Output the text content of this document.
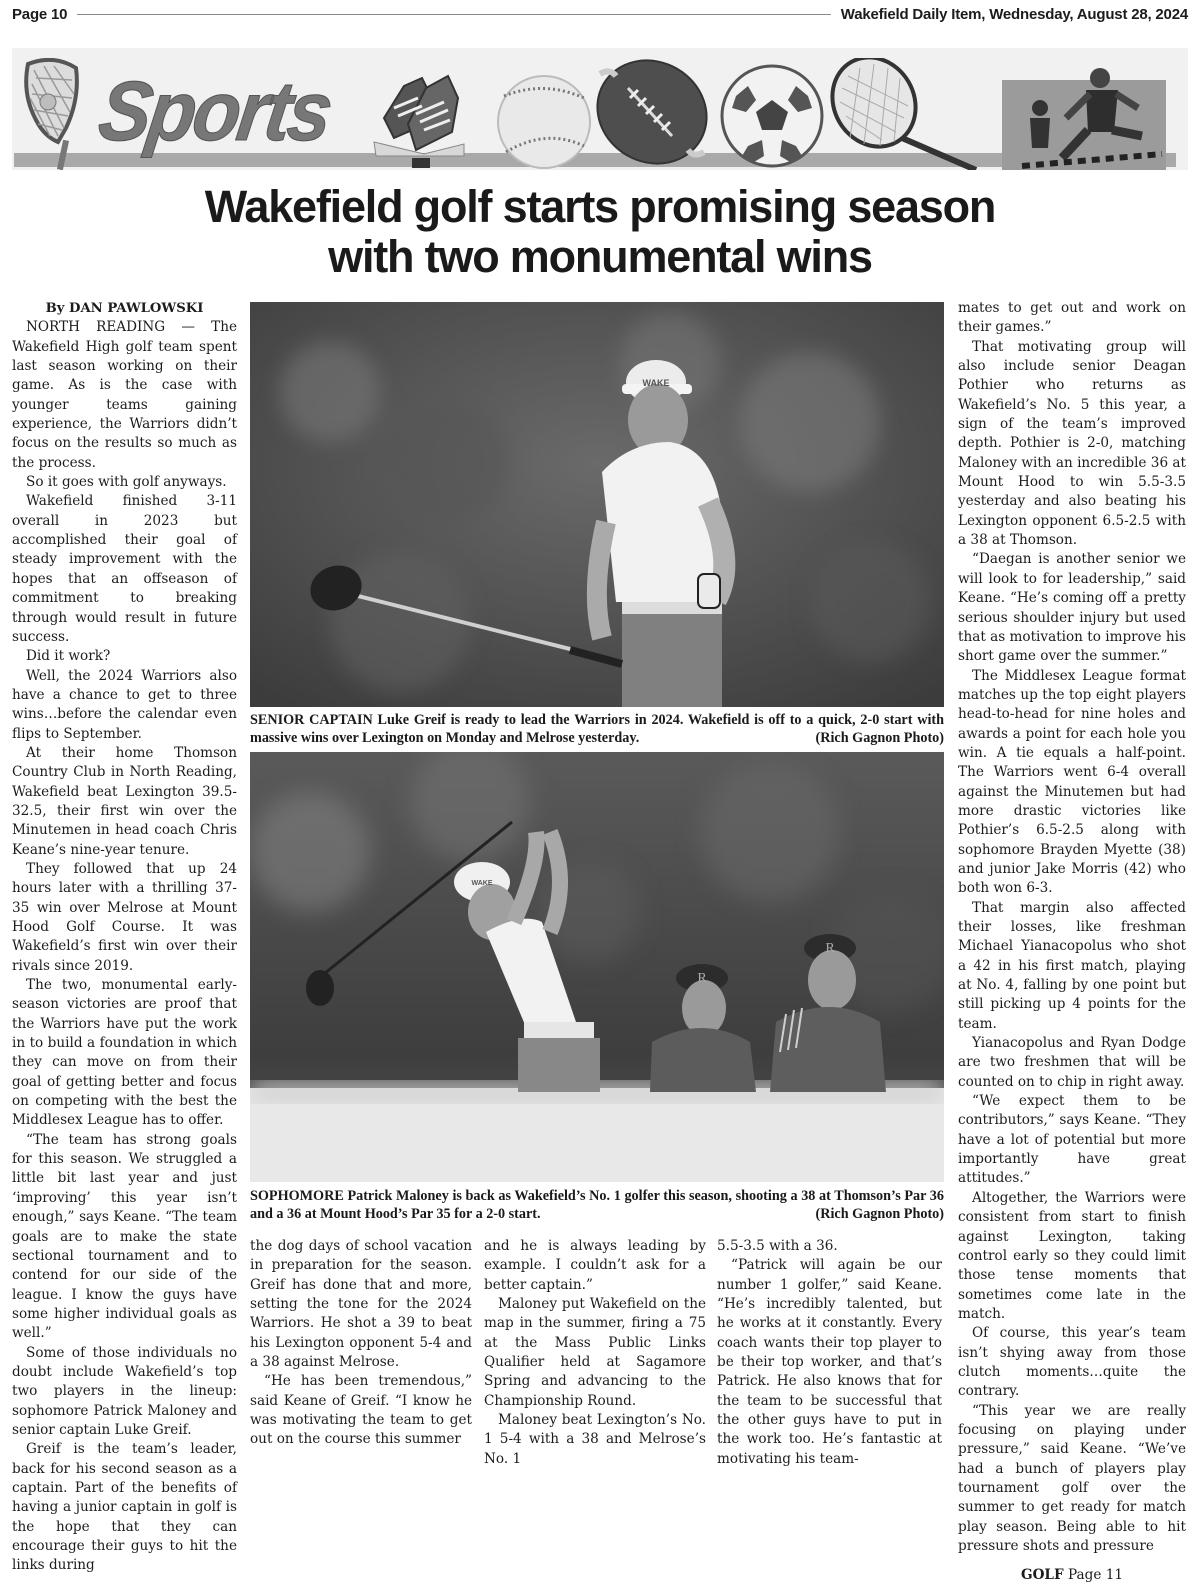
Page 10	Wakefield Daily Item, Wednesday, August 28, 2024
Sports
Wakefield golf starts promising season
with two monumental wins

By DAN PAWLOWSKI

NORTH READING — The Wakefield High golf team spent last season working on their game. As is the case with younger teams gaining experience, the Warriors didn’t focus on the results so much as the process.

So it goes with golf anyways.

Wakefield finished 3-11 overall in 2023 but accomplished their goal of steady improvement with the hopes that an offseason of commitment to breaking through would result in future success.

Did it work?

Well, the 2024 Warriors also have a chance to get to three wins…before the calendar even flips to September.

At their home Thomson Country Club in North Reading, Wakefield beat Lexington 39.5-32.5, their first win over the Minutemen in head coach Chris Keane’s nine-year tenure.

They followed that up 24 hours later with a thrilling 37-35 win over Melrose at Mount Hood Golf Course. It was Wakefield’s first win over their rivals since 2019.

The two, monumental early-season victories are proof that the Warriors have put the work in to build a foundation in which they can move on from their goal of getting better and focus on competing with the best the Middlesex League has to offer.

“The team has strong goals for this season. We struggled a little bit last year and just ‘improving’ this year isn’t enough,” says Keane. “The team goals are to make the state sectional tournament and to contend for our side of the league. I know the guys have some higher individual goals as well.”

Some of those individuals no doubt include Wakefield’s top two players in the lineup: sophomore Patrick Maloney and senior captain Luke Greif.

Greif is the team’s leader, back for his second season as a captain. Part of the benefits of having a junior captain in golf is the hope that they can encourage their guys to hit the links during

WAKE
SENIOR CAPTAIN Luke Greif is ready to lead the Warriors in 2024. Wakefield is off to a quick, 2-0 start with massive wins over Lexington on Monday and Melrose yesterday.	(Rich Gagnon Photo)
WAKE
R
R
SOPHOMORE Patrick Maloney is back as Wakefield’s No. 1 golfer this season, shooting a 38 at Thomson’s Par 36 and a 36 at Mount Hood’s Par 35 for a 2-0 start.	(Rich Gagnon Photo)

the dog days of school vacation in preparation for the season. Greif has done that and more, setting the tone for the 2024 Warriors. He shot a 39 to beat his Lexington opponent 5-4 and a 38 against Melrose.

“He has been tremendous,” said Keane of Greif. “I know he was motivating the team to get out on the course this summer

and he is always leading by example. I couldn’t ask for a better captain.”

Maloney put Wakefield on the map in the summer, firing a 75 at the Mass Public Links Qualifier held at Sagamore Spring and advancing to the Championship Round.

Maloney beat Lexington’s No. 1 5-4 with a 38 and Melrose’s No. 1

5.5-3.5 with a 36.

“Patrick will again be our number 1 golfer,” said Keane. “He’s incredibly talented, but he works at it constantly. Every coach wants their top player to be their top worker, and that’s Patrick. He also knows that for the team to be successful that the other guys have to put in the work too. He’s fantastic at motivating his team-

mates to get out and work on their games.”

That motivating group will also include senior Deagan Pothier who returns as Wakefield’s No. 5 this year, a sign of the team’s improved depth. Pothier is 2-0, matching Maloney with an incredible 36 at Mount Hood to win 5.5-3.5 yesterday and also beating his Lexington opponent 6.5-2.5 with a 38 at Thomson.

“Daegan is another senior we will look to for leadership,” said Keane. “He’s coming off a pretty serious shoulder injury but used that as motivation to improve his short game over the summer.”

The Middlesex League format matches up the top eight players head-to-head for nine holes and awards a point for each hole you win. A tie equals a half-point. The Warriors went 6-4 overall against the Minutemen but had more drastic victories like Pothier’s 6.5-2.5 along with sophomore Brayden Myette (38) and junior Jake Morris (42) who both won 6-3.

That margin also affected their losses, like freshman Michael Yianacopolus who shot a 42 in his first match, playing at No. 4, falling by one point but still picking up 4 points for the team.

Yianacopolus and Ryan Dodge are two freshmen that will be counted on to chip in right away.

“We expect them to be contributors,” says Keane. “They have a lot of potential but more importantly have great attitudes.”

Altogether, the Warriors were consistent from start to finish against Lexington, taking control early so they could limit those tense moments that sometimes come late in the match.

Of course, this year’s team isn’t shying away from those clutch moments…quite the contrary.

“This year we are really focusing on playing under pressure,” said Keane. “We’ve had a bunch of players play tournament golf over the summer to get ready for match play season. Being able to hit pressure shots and pressure

GOLF Page 11
